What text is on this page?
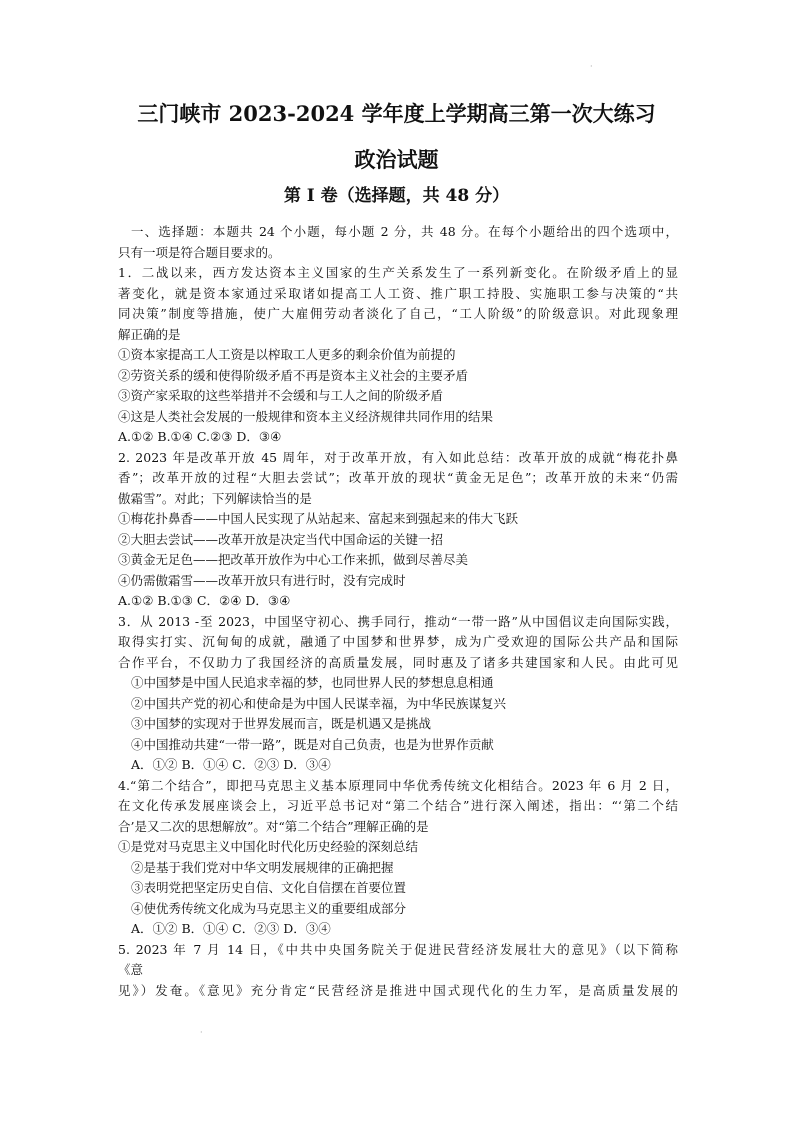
·
三门峡市 2023-2024 学年度上学期高三第一次大练习
政治试题
第 I 卷（选择题，共 48 分）
一、选择题：本题共 24 个小题，每小题 2 分，共 48 分。在每个小题给出的四个选项中，
只有一项是符合题目要求的。
1．二战以来，西方发达资本主义国家的生产关系发生了一系列新变化。在阶级矛盾上的显
著变化，就是资本家通过采取诸如提高工人工资、推广职工持股、实施职工参与决策的“共
同决策”制度等措施，使广大雇佣劳动者淡化了自己，“工人阶级”的阶级意识。对此现象理
解正确的是
①资本家提高工人工资是以榨取工人更多的剩余价值为前提的
②劳资关系的缓和使得阶级矛盾不再是资本主义社会的主要矛盾
③资产家采取的这些举措并不会缓和与工人之间的阶级矛盾
④这是人类社会发展的一般规律和资本主义经济规律共同作用的结果
A.①② B.①④ C.②③ D．③④
2. 2023 年是改革开放 45 周年，对于改革开放，有入如此总结：改革开放的成就“梅花扑鼻
香”；改革开放的过程“大胆去尝试”；改革开放的现状“黄金无足色”；改革开放的未来“仍需
傲霜雪”。对此；下列解读恰当的是
①梅花扑鼻香——中国人民实现了从站起来、富起来到强起来的伟大飞跃
②大胆去尝试——改革开放是决定当代中国命运的关键一招
③黄金无足色——把改革开放作为中心工作来抓，做到尽善尽美
④仍需傲霜雪——改革开放只有进行时，没有完成时
A.①② B.①③ C．②④ D．③④
3．从 2013 -至 2023，中国坚守初心、携手同行，推动“一带一路”从中国倡议走向国际实践，
取得实打实、沉甸甸的成就，融通了中国梦和世界梦，成为广受欢迎的国际公共产品和国际
合作平台，不仅助力了我国经济的高质量发展，同时惠及了诸多共建国家和人民。由此可见
①中国梦是中国人民追求幸福的梦，也同世界人民的梦想息息相通
②中国共产党的初心和使命是为中国人民谋幸福，为中华民族谋复兴
③中国梦的实现对于世界发展而言，既是机遇又是挑战
④中国推动共建“一带一路”，既是对自己负责，也是为世界作贡献
A．①② B．①④ C．②③ D．③④
4.“第二个结合”，即把马克思主义基本原理同中华优秀传统文化相结合。2023 年 6 月 2 日，
在文化传承发展座谈会上，习近平总书记对“第二个结合”进行深入阐述，指出：“‘第二个结
合’是又二次的思想解放”。对“第二个结合”理解正确的是
①是党对马克思主义中国化时代化历史经验的深刻总结
②是基于我们党对中华文明发展规律的正确把握
③表明党把坚定历史自信、文化自信摆在首要位置
④使优秀传统文化成为马克思主义的重要组成部分
A．①② B．①④ C．②③ D．③④
5. 2023 年 7 月 14 日，《中共中央国务院关于促进民营经济发展壮大的意见》（以下简称
《意
见》）发奄。《意见》充分肯定“民营经济是推进中国式现代化的生力军，是高质量发展的
·
